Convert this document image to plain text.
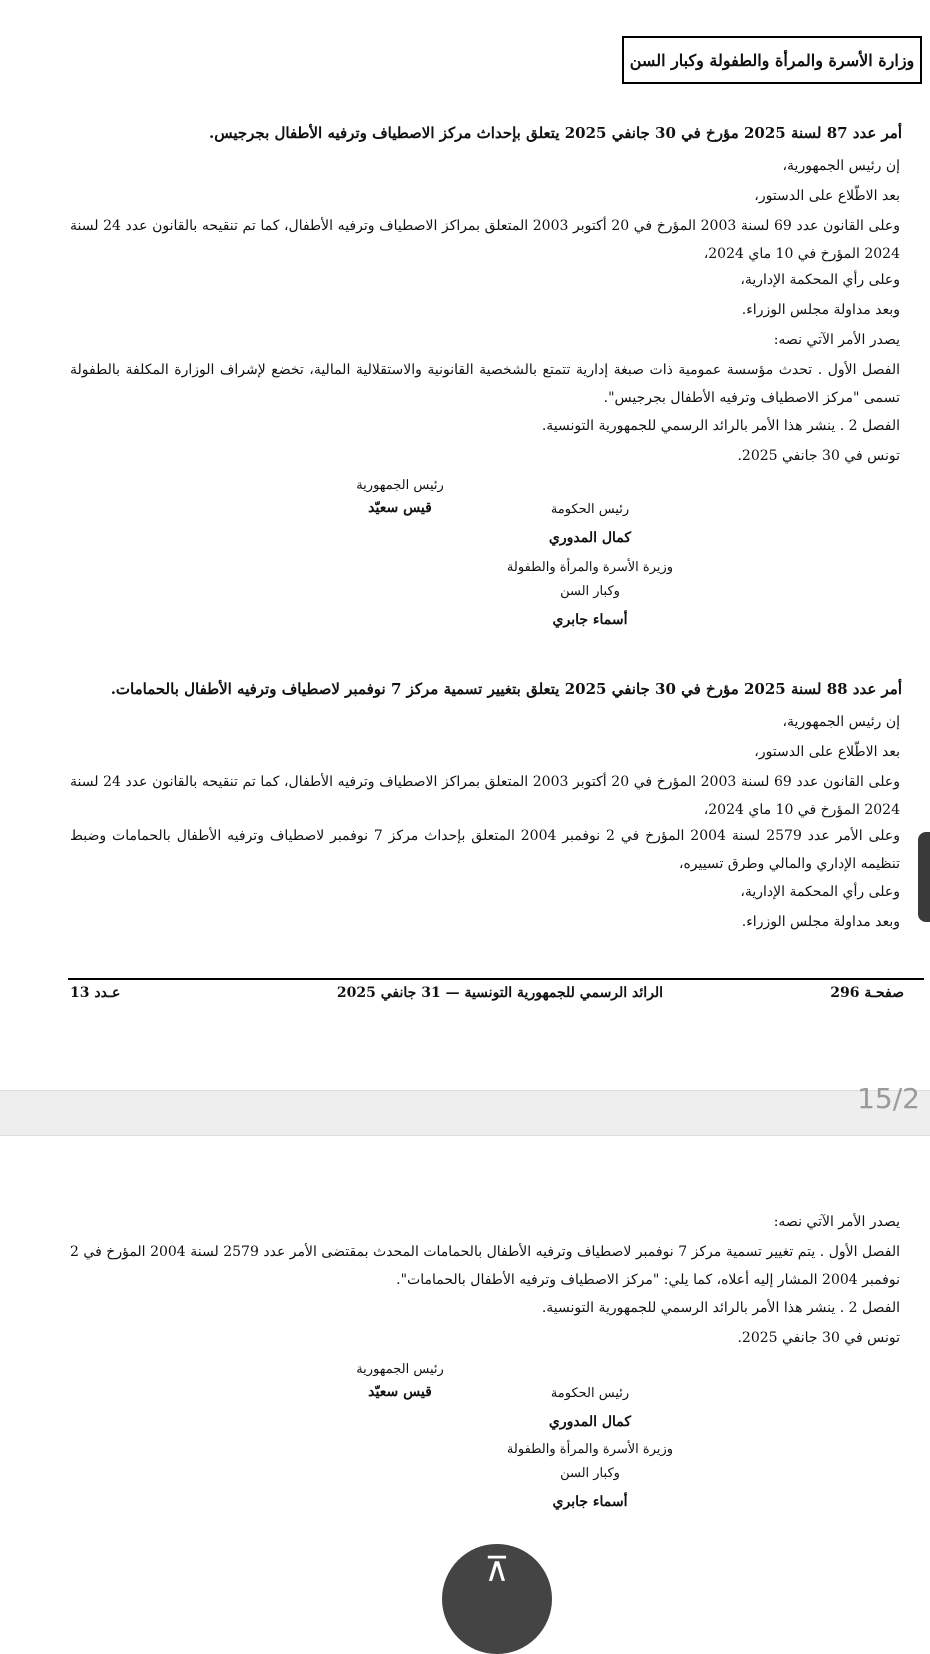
وزارة الأسرة والمرأة والطفولة وكبار السن
أمر عدد 87 لسنة 2025 مؤرخ في 30 جانفي 2025 يتعلق بإحداث مركز الاصطياف وترفيه الأطفال بجرجيس.
إن رئيس الجمهورية،
بعد الاطّلاع على الدستور،
وعلى القانون عدد 69 لسنة 2003 المؤرخ في 20 أكتوبر 2003 المتعلق بمراكز الاصطياف وترفيه الأطفال، كما تم تنقيحه بالقانون عدد 24 لسنة 2024 المؤرخ في 10 ماي 2024،
وعلى رأي المحكمة الإدارية،
وبعد مداولة مجلس الوزراء.
يصدر الأمر الآتي نصه:
الفصل الأول . تحدث مؤسسة عمومية ذات صبغة إدارية تتمتع بالشخصية القانونية والاستقلالية المالية، تخضع لإشراف الوزارة المكلفة بالطفولة تسمى "مركز الاصطياف وترفيه الأطفال بجرجيس".
الفصل 2 . ينشر هذا الأمر بالرائد الرسمي للجمهورية التونسية.
تونس في 30 جانفي 2025.
رئيس الجمهورية
قيس سعيّد	رئيس الحكومة
كمال المدوري
وزيرة الأسرة والمرأة والطفولة
وكبار السن
أسماء جابري
أمر عدد 88 لسنة 2025 مؤرخ في 30 جانفي 2025 يتعلق بتغيير تسمية مركز 7 نوفمبر لاصطياف وترفيه الأطفال بالحمامات.
إن رئيس الجمهورية،
بعد الاطّلاع على الدستور،
وعلى القانون عدد 69 لسنة 2003 المؤرخ في 20 أكتوبر 2003 المتعلق بمراكز الاصطياف وترفيه الأطفال، كما تم تنقيحه بالقانون عدد 24 لسنة 2024 المؤرخ في 10 ماي 2024،
وعلى الأمر عدد 2579 لسنة 2004 المؤرخ في 2 نوفمبر 2004 المتعلق بإحداث مركز 7 نوفمبر لاصطياف وترفيه الأطفال بالحمامات وضبط تنظيمه الإداري والمالي وطرق تسييره،
وعلى رأي المحكمة الإدارية،
وبعد مداولة مجلس الوزراء.
صفحـة 296
الرائد الرسمي للجمهورية التونسية — 31 جانفي 2025
عـدد 13
15/2
يصدر الأمر الآتي نصه:
الفصل الأول . يتم تغيير تسمية مركز 7 نوفمبر لاصطياف وترفيه الأطفال بالحمامات المحدث بمقتضى الأمر عدد 2579 لسنة 2004 المؤرخ في 2 نوفمبر 2004 المشار إليه أعلاه، كما يلي: "مركز الاصطياف وترفيه الأطفال بالحمامات".
الفصل 2 . ينشر هذا الأمر بالرائد الرسمي للجمهورية التونسية.
تونس في 30 جانفي 2025.
رئيس الجمهورية
قيس سعيّد	رئيس الحكومة
كمال المدوري
وزيرة الأسرة والمرأة والطفولة
وكبار السن
أسماء جابري
⊼
